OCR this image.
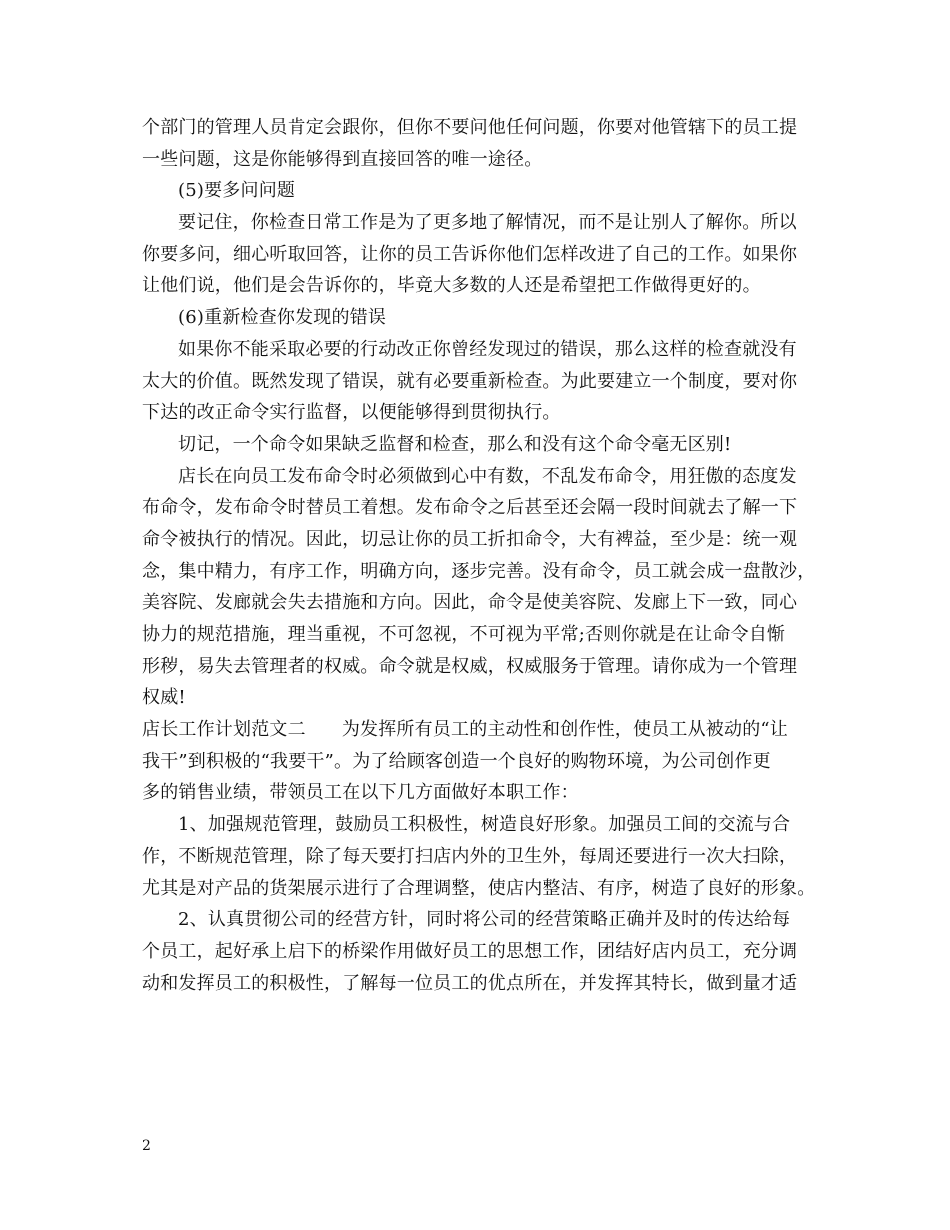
个部门的管理人员肯定会跟你，但你不要问他任何问题，你要对他管辖下的员工提
一些问题，这是你能够得到直接回答的唯一途径。
(5)要多问问题
要记住，你检查日常工作是为了更多地了解情况，而不是让别人了解你。所以
你要多问，细心听取回答，让你的员工告诉你他们怎样改进了自己的工作。如果你
让他们说，他们是会告诉你的，毕竟大多数的人还是希望把工作做得更好的。
(6)重新检查你发现的错误
如果你不能采取必要的行动改正你曾经发现过的错误，那么这样的检查就没有
太大的价值。既然发现了错误，就有必要重新检查。为此要建立一个制度，要对你
下达的改正命令实行监督，以便能够得到贯彻执行。
切记，一个命令如果缺乏监督和检查，那么和没有这个命令毫无区别!
店长在向员工发布命令时必须做到心中有数，不乱发布命令，用狂傲的态度发
布命令，发布命令时替员工着想。发布命令之后甚至还会隔一段时间就去了解一下
命令被执行的情况。因此，切忌让你的员工折扣命令，大有裨益，至少是：统一观
念，集中精力，有序工作，明确方向，逐步完善。没有命令，员工就会成一盘散沙，
美容院、发廊就会失去措施和方向。因此，命令是使美容院、发廊上下一致，同心
协力的规范措施，理当重视，不可忽视，不可视为平常;否则你就是在让命令自惭
形秽，易失去管理者的权威。命令就是权威，权威服务于管理。请你成为一个管理
权威!
店长工作计划范文二 为发挥所有员工的主动性和创作性，使员工从被动的“让
我干”到积极的“我要干”。为了给顾客创造一个良好的购物环境，为公司创作更
多的销售业绩，带领员工在以下几方面做好本职工作：
1、加强规范管理，鼓励员工积极性，树造良好形象。加强员工间的交流与合
作，不断规范管理，除了每天要打扫店内外的卫生外，每周还要进行一次大扫除，
尤其是对产品的货架展示进行了合理调整，使店内整洁、有序，树造了良好的形象。
2、认真贯彻公司的经营方针，同时将公司的经营策略正确并及时的传达给每
个员工，起好承上启下的桥梁作用做好员工的思想工作，团结好店内员工，充分调
动和发挥员工的积极性，了解每一位员工的优点所在，并发挥其特长，做到量才适
2
